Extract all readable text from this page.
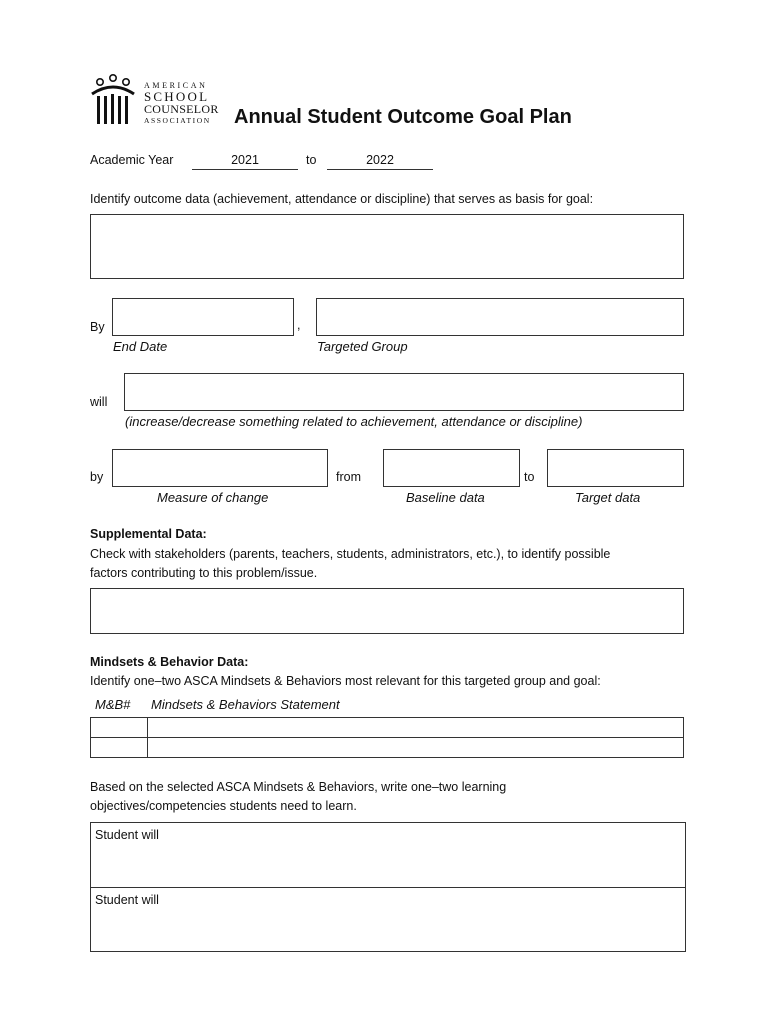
AMERICAN
SCHOOL
COUNSELOR
ASSOCIATION Annual Student Outcome Goal Plan
Academic Year	2021	to	2022
Identify outcome data (achievement, attendance or discipline) that serves as basis for goal:
By	,
End Date	Targeted Group
will
(increase/decrease something related to achievement, attendance or discipline)
by	from	to
Measure of change	Baseline data	Target data
Supplemental Data:
Check with stakeholders (parents, teachers, students, administrators, etc.), to identify possible
factors contributing to this problem/issue.
Mindsets & Behavior Data:
Identify one–two ASCA Mindsets & Behaviors most relevant for this targeted group and goal:
M&B# Mindsets & Behaviors Statement

Based on the selected ASCA Mindsets & Behaviors, write one–two learning
objectives/competencies students need to learn.
Student will
Student will
